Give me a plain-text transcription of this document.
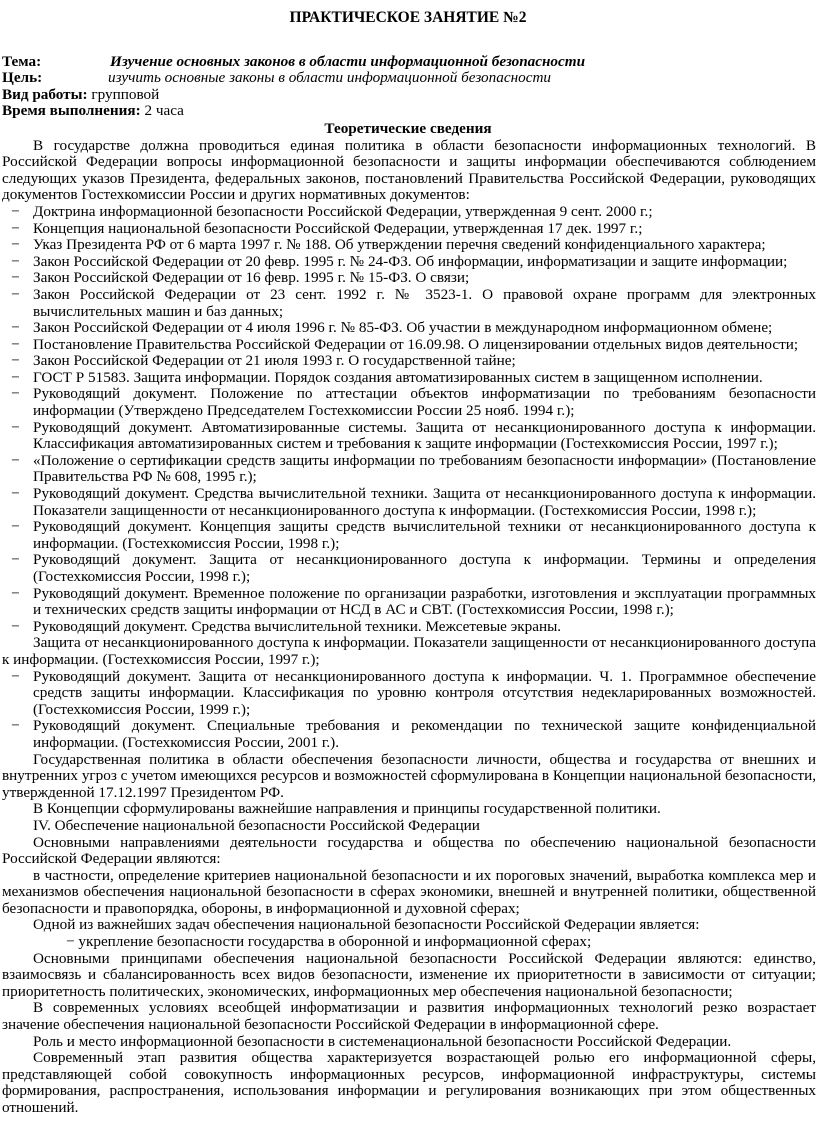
ПРАКТИЧЕСКОЕ ЗАНЯТИЕ №2
Тема:	Изучение основных законов в области информационной безопасности
Цель:	изучить основные законы в области информационной безопасности
Вид работы: групповой
Время выполнения: 2 часа
Теоретические сведения

В государстве должна проводиться единая политика в области безопасности информационных технологий. В Российской Федерации вопросы информационной безопасности и защиты информации обеспечиваются соблюдением следующих указов Президента, федеральных законов, постановлений Правительства Российской Федерации, руководящих документов Гостехкомиссии России и других нормативных документов:

− Доктрина информационной безопасности Российской Федерации, утвержденная 9 сент. 2000 г.;
− Концепция национальной безопасности Российской Федерации, утвержденная 17 дек. 1997 г.;
− Указ Президента РФ от 6 марта 1997 г. № 188. Об утверждении перечня сведений конфиденциального характера;
− Закон Российской Федерации от 20 февр. 1995 г. № 24-ФЗ. Об информации, информатизации и защите информации;
− Закон Российской Федерации от 16 февр. 1995 г. № 15-ФЗ. О связи;
− Закон Российской Федерации от 23 сент. 1992 г. № 3523-1. О правовой охране программ для электронных вычислительных машин и баз данных;
− Закон Российской Федерации от 4 июля 1996 г. № 85-ФЗ. Об участии в международном информационном обмене;
− Постановление Правительства Российской Федерации от 16.09.98. О лицензировании отдельных видов деятельности;
− Закон Российской Федерации от 21 июля 1993 г. О государственной тайне;
− ГОСТ Р 51583. Защита информации. Порядок создания автоматизированных систем в защищенном исполнении.
− Руководящий документ. Положение по аттестации объектов информатизации по требованиям безопасности информации (Утверждено Председателем Гостехкомиссии России 25 нояб. 1994 г.);
− Руководящий документ. Автоматизированные системы. Защита от несанкционированного доступа к информации. Классификация автоматизированных систем и требования к защите информации (Гостехкомиссия России, 1997 г.);
− «Положение о сертификации средств защиты информации по требованиям безопасности информации» (Постановление Правительства РФ № 608, 1995 г.);
− Руководящий документ. Средства вычислительной техники. Защита от несанкционированного доступа к информации. Показатели защищенности от несанкционированного доступа к информации. (Гостехкомиссия России, 1998 г.);
− Руководящий документ. Концепция защиты средств вычислительной техники от несанкционированного доступа к информации. (Гостехкомиссия России, 1998 г.);
− Руководящий документ. Защита от несанкционированного доступа к информации. Термины и определения (Гостехкомиссия России, 1998 г.);
− Руководящий документ. Временное положение по организации разработки, изготовления и эксплуатации программных и технических средств защиты информации от НСД в АС и СВТ. (Гостехкомиссия России, 1998 г.);
− Руководящий документ. Средства вычислительной техники. Межсетевые экраны.

Защита от несанкционированного доступа к информации. Показатели защищенности от несанкционированного доступа к информации. (Гостехкомиссия России, 1997 г.);

− Руководящий документ. Защита от несанкционированного доступа к информации. Ч. 1. Программное обеспечение средств защиты информации. Классификация по уровню контроля отсутствия недекларированных возможностей. (Гостехкомиссия России, 1999 г.);
− Руководящий документ. Специальные требования и рекомендации по технической защите конфиденциальной информации. (Гостехкомиссия России, 2001 г.).

Государственная политика в области обеспечения безопасности личности, общества и государства от внешних и внутренних угроз с учетом имеющихся ресурсов и возможностей сформулирована в Концепции национальной безопасности, утвержденной 17.12.1997 Президентом РФ.

В Концепции сформулированы важнейшие направления и принципы государственной политики.

IV. Обеспечение национальной безопасности Российской Федерации

Основными направлениями деятельности государства и общества по обеспечению национальной безопасности Российской Федерации являются:

в частности, определение критериев национальной безопасности и их пороговых значений, выработка комплекса мер и механизмов обеспечения национальной безопасности в сферах экономики, внешней и внутренней политики, общественной безопасности и правопорядка, обороны, в информационной и духовной сферах;

Одной из важнейших задач обеспечения национальной безопасности Российской Федерации является:

− укрепление безопасности государства в оборонной и информационной сферах;

Основными принципами обеспечения национальной безопасности Российской Федерации являются: единство, взаимосвязь и сбалансированность всех видов безопасности, изменение их приоритетности в зависимости от ситуации; приоритетность политических, экономических, информационных мер обеспечения национальной безопасности;

В современных условиях всеобщей информатизации и развития информационных технологий резко возрастает значение обеспечения национальной безопасности Российской Федерации в информационной сфере.

Роль и место информационной безопасности в системенациональной безопасности Российской Федерации.

Современный этап развития общества характеризуется возрастающей ролью его информационной сферы, представляющей собой совокупность информационных ресурсов, информационной инфраструктуры, системы формирования, распространения, использования информации и регулирования возникающих при этом общественных отношений.
